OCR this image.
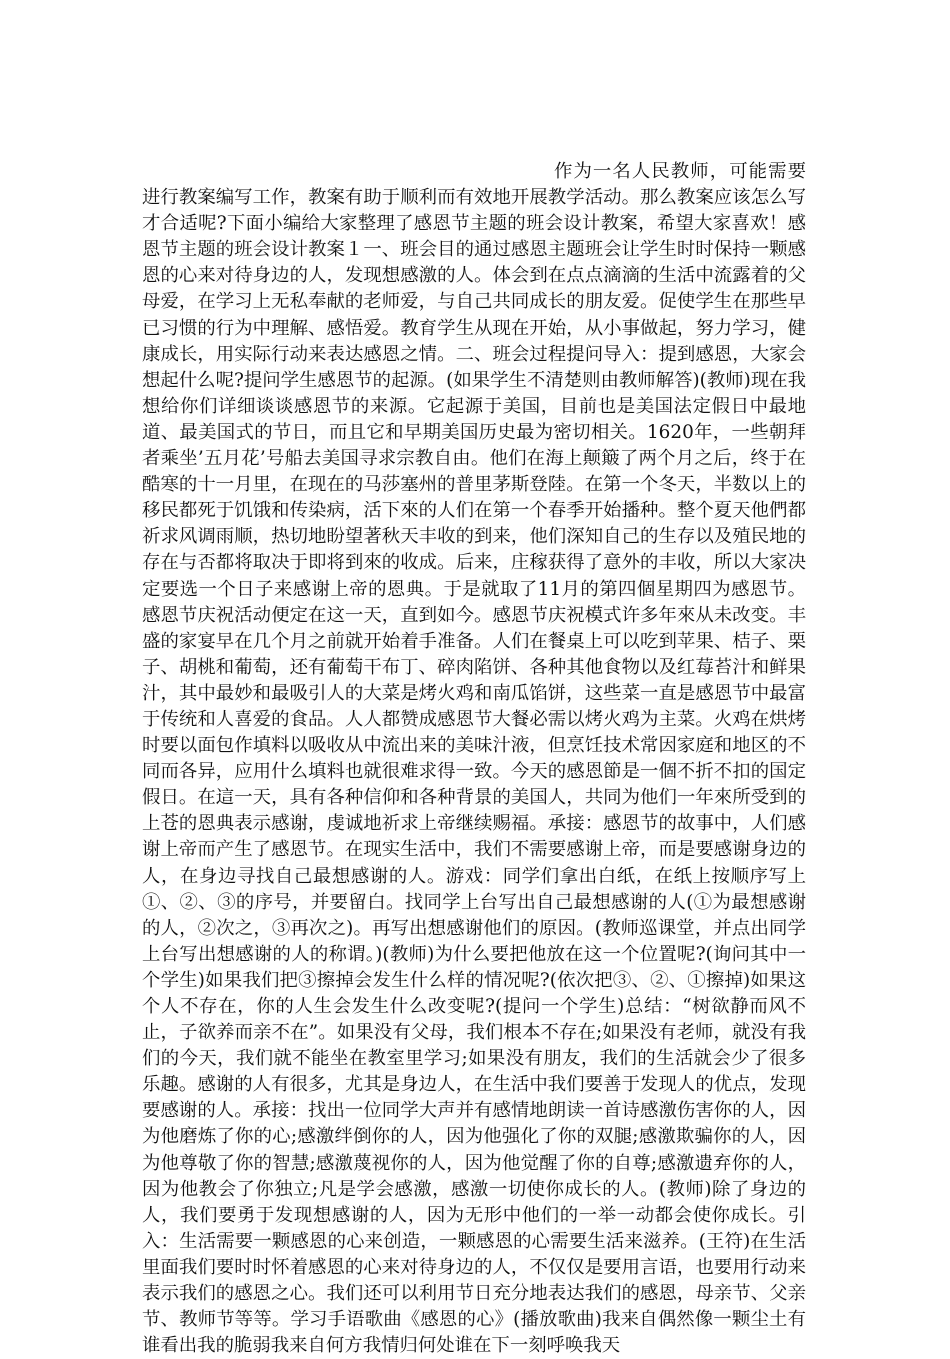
作为一名人民教师，可能需要进行教案编写工作，教案有助于顺利而有效地开展教学活动。那么教案应该怎么写才合适呢?下面小编给大家整理了感恩节主题的班会设计教案，希望大家喜欢！感恩节主题的班会设计教案１一、班会目的通过感恩主题班会让学生时时保持一颗感恩的心来对待身边的人，发现想感激的人。体会到在点点滴滴的生活中流露着的父母爱，在学习上无私奉献的老师爱，与自己共同成长的朋友爱。促使学生在那些早已习惯的行为中理解、感悟爱。教育学生从现在开始，从小事做起，努力学习，健康成长，用实际行动来表达感恩之情。二、班会过程提问导入：提到感恩，大家会想起什么呢?提问学生感恩节的起源。(如果学生不清楚则由教师解答)(教师)现在我想给你们详细谈谈感恩节的来源。它起源于美国，目前也是美国法定假日中最地道、最美国式的节日，而且它和早期美国历史最为密切相关。1620年，一些朝拜者乘坐’五月花’号船去美国寻求宗教自由。他们在海上颠簸了两个月之后，终于在酷寒的十一月里，在现在的马莎塞州的普里茅斯登陸。在第一个冬天，半数以上的移民都死于饥饿和传染病，活下來的人们在第一个春季开始播种。整个夏天他們都祈求风调雨顺，热切地盼望著秋天丰收的到来，他们深知自己的生存以及殖民地的存在与否都将取决于即将到來的收成。后来，庄稼获得了意外的丰收，所以大家决定要选一个日子来感谢上帝的恩典。于是就取了11月的第四個星期四为感恩节。感恩节庆祝活动便定在这一天，直到如今。感恩节庆祝模式许多年來从未改变。丰盛的家宴早在几个月之前就开始着手准备。人们在餐桌上可以吃到苹果、桔子、栗子、胡桃和葡萄，还有葡萄干布丁、碎肉陷饼、各种其他食物以及红莓苔汁和鲜果汁，其中最妙和最吸引人的大菜是烤火鸡和南瓜馅饼，这些菜一直是感恩节中最富于传统和人喜爱的食品。人人都赞成感恩节大餐必需以烤火鸡为主菜。火鸡在烘烤时要以面包作填料以吸收从中流出来的美味汁液，但烹饪技术常因家庭和地区的不同而各异，应用什么填料也就很难求得一致。今天的感恩節是一個不折不扣的国定假日。在這一天，具有各种信仰和各种背景的美国人，共同为他们一年來所受到的上苍的恩典表示感谢，虔诚地祈求上帝继续赐福。承接：感恩节的故事中，人们感谢上帝而产生了感恩节。在现实生活中，我们不需要感谢上帝，而是要感谢身边的人，在身边寻找自己最想感谢的人。游戏：同学们拿出白纸，在纸上按顺序写上①、②、③的序号，并要留白。找同学上台写出自己最想感谢的人(①为最想感谢的人，②次之，③再次之)。再写出想感谢他们的原因。(教师巡课堂，并点出同学上台写出想感谢的人的称谓。)(教师)为什么要把他放在这一个位置呢?(询问其中一个学生)如果我们把③擦掉会发生什么样的情况呢?(依次把③、②、①擦掉)如果这个人不存在，你的人生会发生什么改变呢?(提问一个学生)总结：“树欲静而风不止，子欲养而亲不在”。如果没有父母，我们根本不存在;如果没有老师，就没有我们的今天，我们就不能坐在教室里学习;如果没有朋友，我们的生活就会少了很多乐趣。感谢的人有很多，尤其是身边人，在生活中我们要善于发现人的优点，发现要感谢的人。承接：找出一位同学大声并有感情地朗读一首诗感激伤害你的人，因为他磨炼了你的心;感激绊倒你的人，因为他强化了你的双腿;感激欺骗你的人，因为他尊敬了你的智慧;感激蔑视你的人，因为他觉醒了你的自尊;感激遗弃你的人，因为他教会了你独立;凡是学会感激，感激一切使你成长的人。(教师)除了身边的人，我们要勇于发现想感谢的人，因为无形中他们的一举一动都会使你成长。引入：生活需要一颗感恩的心来创造，一颗感恩的心需要生活来滋养。(王符)在生活里面我们要时时怀着感恩的心来对待身边的人，不仅仅是要用言语，也要用行动来表示我们的感恩之心。我们还可以利用节日充分地表达我们的感恩，母亲节、父亲节、教师节等等。学习手语歌曲《感恩的心》(播放歌曲)我来自偶然像一颗尘土有谁看出我的脆弱我来自何方我情归何处谁在下一刻呼唤我天
